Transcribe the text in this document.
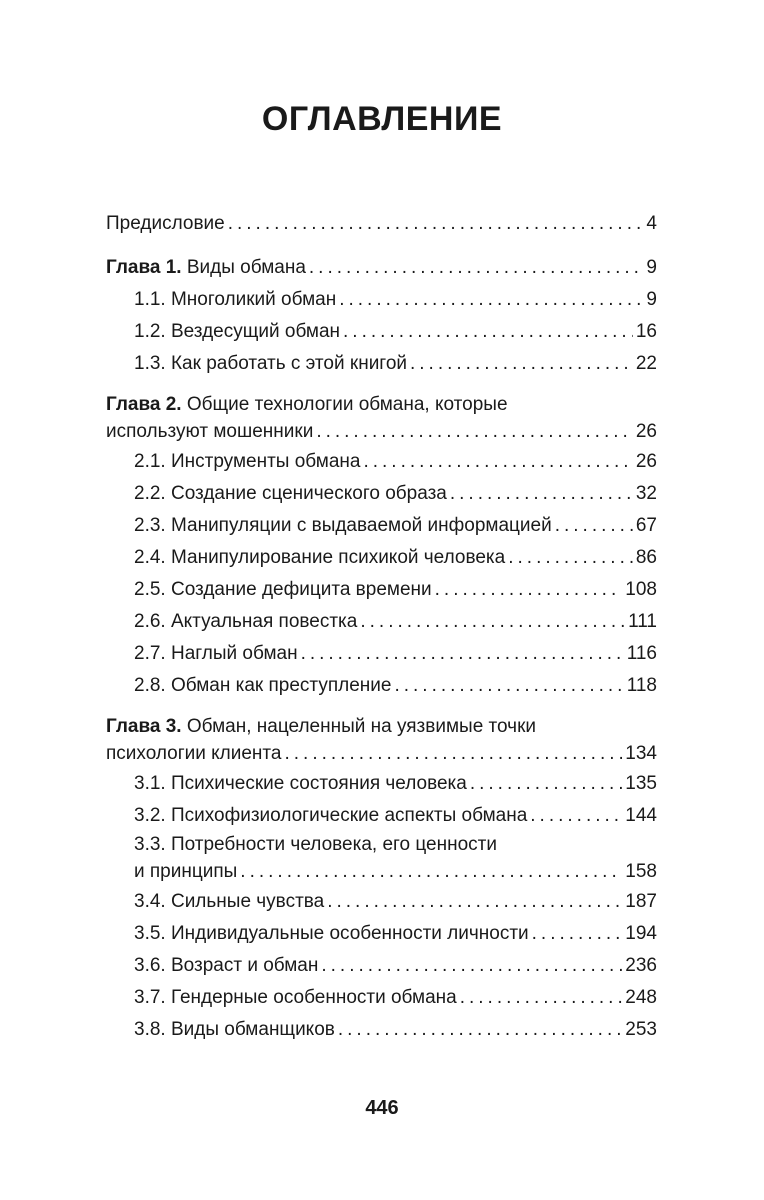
ОГЛАВЛЕНИЕ
Предисловие .....	4
Глава 1. Виды обмана .....	9
1.1. Многоликий обман .....	9
1.2. Вездесущий обман .....	16
1.3. Как работать с этой книгой .....	22
Глава 2. Общие технологии обмана, которые
используют мошенники .....	26
2.1. Инструменты обмана .....	26
2.2. Создание сценического образа .....	32
2.3. Манипуляции с выдаваемой информацией .....	67
2.4. Манипулирование психикой человека .....	86
2.5. Создание дефицита времени .....	108
2.6. Актуальная повестка .....	111
2.7. Наглый обман .....	116
2.8. Обман как преступление .....	118
Глава 3. Обман, нацеленный на уязвимые точки
психологии клиента .....	134
3.1. Психические состояния человека .....	135
3.2. Психофизиологические аспекты обмана .....	144
3.3. Потребности человека, его ценности
и принципы .....	158
3.4. Сильные чувства .....	187
3.5. Индивидуальные особенности личности .....	194
3.6. Возраст и обман .....	236
3.7. Гендерные особенности обмана .....	248
3.8. Виды обманщиков .....	253
446
